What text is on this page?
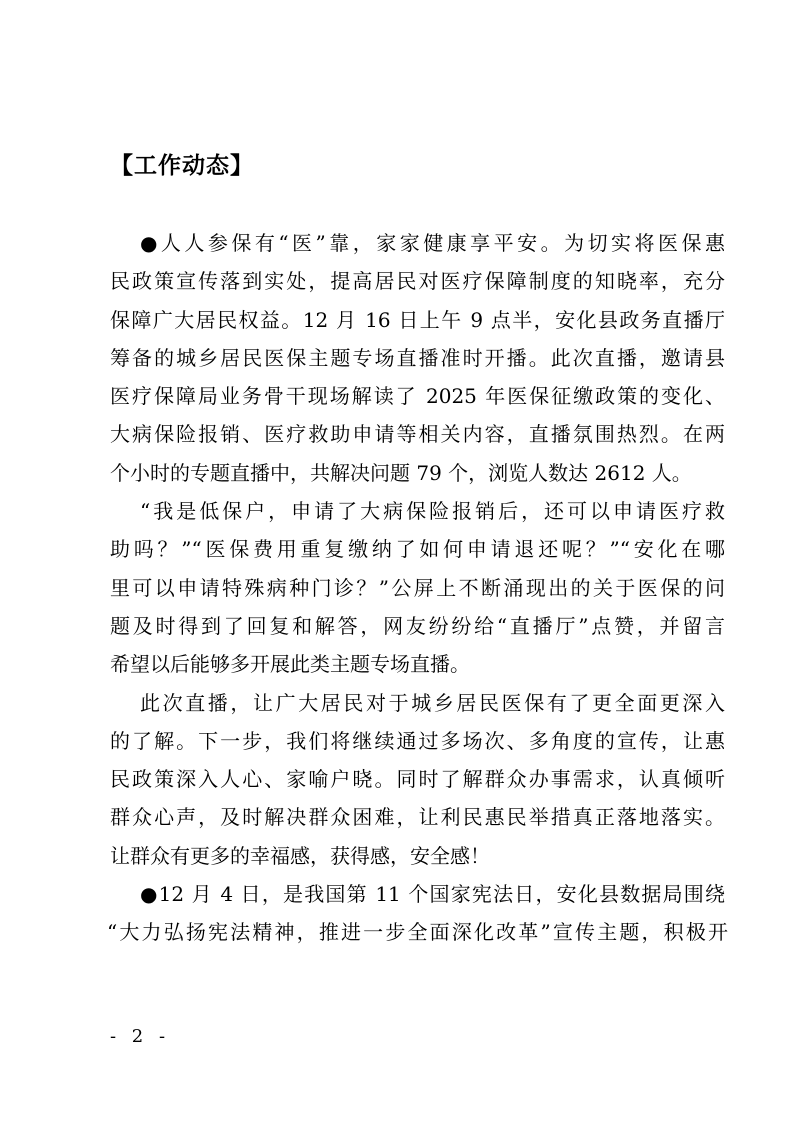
【工作动态】
●人人参保有“医”靠，家家健康享平安。为切实将医保惠
民政策宣传落到实处，提高居民对医疗保障制度的知晓率，充分
保障广大居民权益。12 月 16 日上午 9 点半，安化县政务直播厅
筹备的城乡居民医保主题专场直播准时开播。此次直播，邀请县
医疗保障局业务骨干现场解读了 2025 年医保征缴政策的变化、
大病保险报销、医疗救助申请等相关内容，直播氛围热烈。在两
个小时的专题直播中，共解决问题 79 个，浏览人数达 2612 人。
“我是低保户，申请了大病保险报销后，还可以申请医疗救
助吗？”“医保费用重复缴纳了如何申请退还呢？”“安化在哪
里可以申请特殊病种门诊？”公屏上不断涌现出的关于医保的问
题及时得到了回复和解答，网友纷纷给“直播厅”点赞，并留言
希望以后能够多开展此类主题专场直播。
此次直播，让广大居民对于城乡居民医保有了更全面更深入
的了解。下一步，我们将继续通过多场次、多角度的宣传，让惠
民政策深入人心、家喻户晓。同时了解群众办事需求，认真倾听
群众心声，及时解决群众困难，让利民惠民举措真正落地落实。
让群众有更多的幸福感，获得感，安全感！
●12 月 4 日，是我国第 11 个国家宪法日，安化县数据局围绕
“大力弘扬宪法精神，推进一步全面深化改革”宣传主题，积极开
- 2 -
